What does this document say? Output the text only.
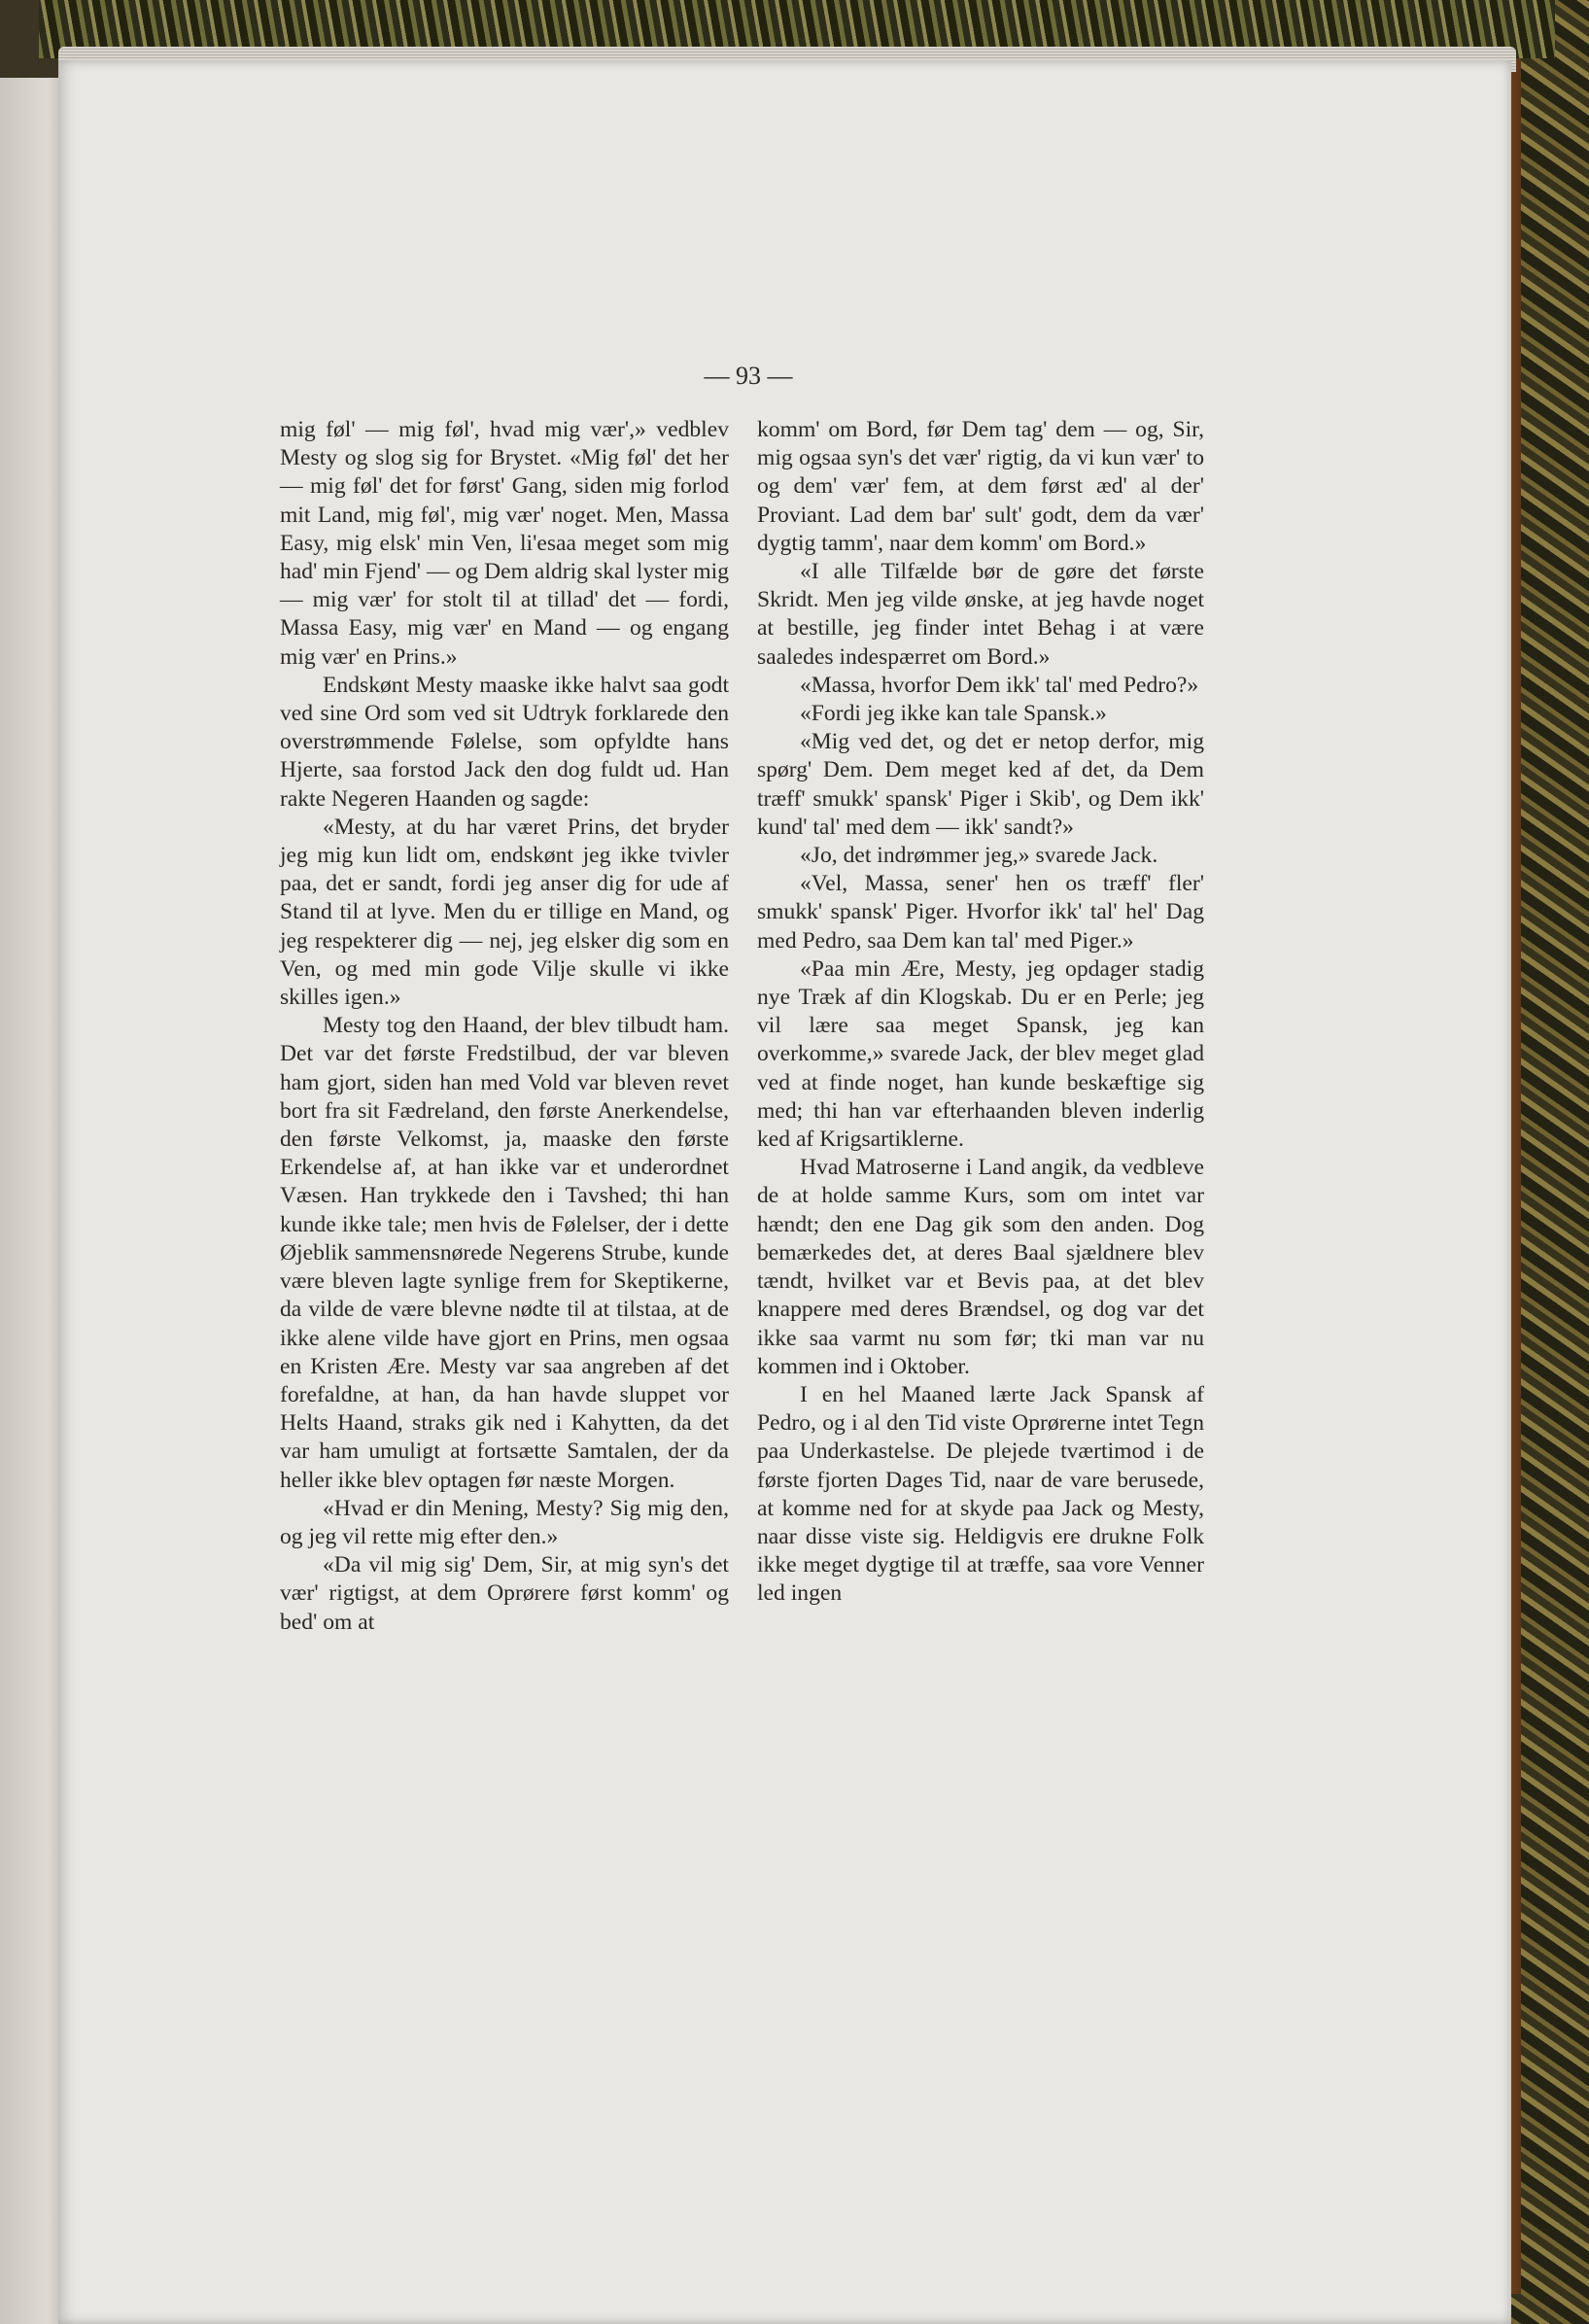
— 93 —

mig føl' — mig føl', hvad mig vær',» vedblev Mesty og slog sig for Brystet. «Mig føl' det her — mig føl' det for først' Gang, siden mig forlod mit Land, mig føl', mig vær' noget. Men, Massa Easy, mig elsk' min Ven, li'esaa meget som mig had' min Fjend' — og Dem aldrig skal lyster mig — mig vær' for stolt til at tillad' det — fordi, Massa Easy, mig vær' en Mand — og engang mig vær' en Prins.»

Endskønt Mesty maaske ikke halvt saa godt ved sine Ord som ved sit Udtryk forklarede den overstrømmende Følelse, som opfyldte hans Hjerte, saa forstod Jack den dog fuldt ud. Han rakte Negeren Haanden og sagde:

«Mesty, at du har været Prins, det bryder jeg mig kun lidt om, endskønt jeg ikke tvivler paa, det er sandt, fordi jeg anser dig for ude af Stand til at lyve. Men du er tillige en Mand, og jeg respekterer dig — nej, jeg elsker dig som en Ven, og med min gode Vilje skulle vi ikke skilles igen.»

Mesty tog den Haand, der blev tilbudt ham. Det var det første Fredstilbud, der var bleven ham gjort, siden han med Vold var bleven revet bort fra sit Fædreland, den første Anerkendelse, den første Velkomst, ja, maaske den første Erkendelse af, at han ikke var et underordnet Væsen. Han trykkede den i Tavshed; thi han kunde ikke tale; men hvis de Følelser, der i dette Øjeblik sammensnørede Negerens Strube, kunde være bleven lagte synlige frem for Skeptikerne, da vilde de være blevne nødte til at tilstaa, at de ikke alene vilde have gjort en Prins, men ogsaa en Kristen Ære. Mesty var saa angreben af det forefaldne, at han, da han havde sluppet vor Helts Haand, straks gik ned i Kahytten, da det var ham umuligt at fortsætte Samtalen, der da heller ikke blev optagen før næste Morgen.

«Hvad er din Mening, Mesty? Sig mig den, og jeg vil rette mig efter den.»

«Da vil mig sig' Dem, Sir, at mig syn's det vær' rigtigst, at dem Oprørere først komm' og bed' om at

komm' om Bord, før Dem tag' dem — og, Sir, mig ogsaa syn's det vær' rigtig, da vi kun vær' to og dem' vær' fem, at dem først æd' al der' Proviant. Lad dem bar' sult' godt, dem da vær' dygtig tamm', naar dem komm' om Bord.»

«I alle Tilfælde bør de gøre det første Skridt. Men jeg vilde ønske, at jeg havde noget at bestille, jeg finder intet Behag i at være saaledes indespærret om Bord.»

«Massa, hvorfor Dem ikk' tal' med Pedro?»

«Fordi jeg ikke kan tale Spansk.»

«Mig ved det, og det er netop derfor, mig spørg' Dem. Dem meget ked af det, da Dem træff' smukk' spansk' Piger i Skib', og Dem ikk' kund' tal' med dem — ikk' sandt?»

«Jo, det indrømmer jeg,» svarede Jack.

«Vel, Massa, sener' hen os træff' fler' smukk' spansk' Piger. Hvorfor ikk' tal' hel' Dag med Pedro, saa Dem kan tal' med Piger.»

«Paa min Ære, Mesty, jeg opdager stadig nye Træk af din Klogskab. Du er en Perle; jeg vil lære saa meget Spansk, jeg kan overkomme,» svarede Jack, der blev meget glad ved at finde noget, han kunde beskæftige sig med; thi han var efterhaanden bleven inderlig ked af Krigsartiklerne.

Hvad Matroserne i Land angik, da vedbleve de at holde samme Kurs, som om intet var hændt; den ene Dag gik som den anden. Dog bemærkedes det, at deres Baal sjældnere blev tændt, hvilket var et Bevis paa, at det blev knappere med deres Brændsel, og dog var det ikke saa varmt nu som før; tki man var nu kommen ind i Oktober.

I en hel Maaned lærte Jack Spansk af Pedro, og i al den Tid viste Oprørerne intet Tegn paa Underkastelse. De plejede tværtimod i de første fjorten Dages Tid, naar de vare berusede, at komme ned for at skyde paa Jack og Mesty, naar disse viste sig. Heldigvis ere drukne Folk ikke meget dygtige til at træffe, saa vore Venner led ingen
